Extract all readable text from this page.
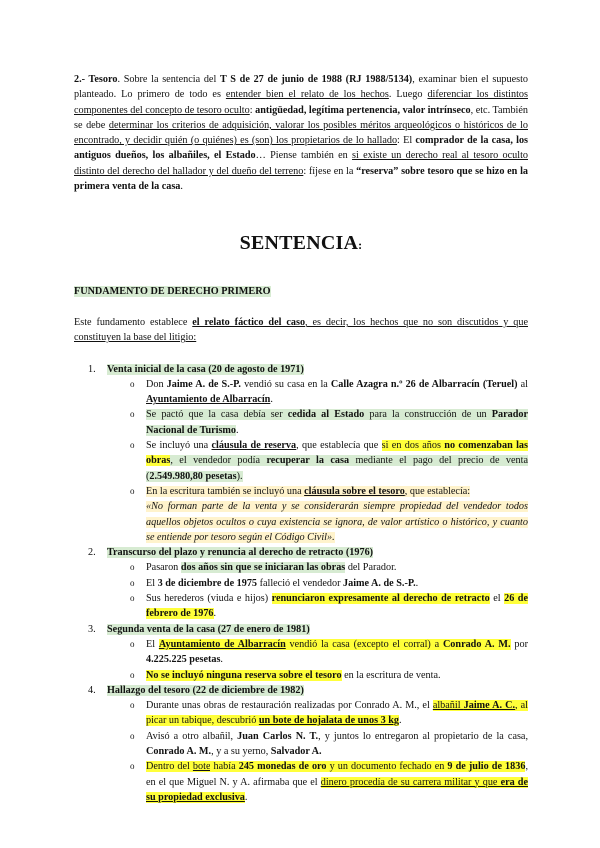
2.- Tesoro. Sobre la sentencia del T S de 27 de junio de 1988 (RJ 1988/5134), examinar bien el supuesto planteado. Lo primero de todo es entender bien el relato de los hechos. Luego diferenciar los distintos componentes del concepto de tesoro oculto: antigüedad, legítima pertenencia, valor intrínseco, etc. También se debe determinar los criterios de adquisición, valorar los posibles méritos arqueológicos o históricos de lo encontrado, y decidir quién (o quiénes) es (son) los propietarios de lo hallado: El comprador de la casa, los antiguos dueños, los albañiles, el Estado… Piense también en si existe un derecho real al tesoro oculto distinto del derecho del hallador y del dueño del terreno: fíjese en la “reserva” sobre tesoro que se hizo en la primera venta de la casa.

SENTENCIA:
FUNDAMENTO DE DERECHO PRIMERO

Este fundamento establece el relato fáctico del caso, es decir, los hechos que no son discutidos y que constituyen la base del litigio:

1. Venta inicial de la casa (20 de agosto de 1971)
o Don Jaime A. de S.-P. vendió su casa en la Calle Azagra n.º 26 de Albarracín (Teruel) al Ayuntamiento de Albarracín.
o Se pactó que la casa debía ser cedida al Estado para la construcción de un Parador Nacional de Turismo.
o Se incluyó una cláusula de reserva, que establecía que si en dos años no comenzaban las obras, el vendedor podía recuperar la casa mediante el pago del precio de venta (2.549.980,80 pesetas).
o En la escritura también se incluyó una cláusula sobre el tesoro, que establecía:
«No forman parte de la venta y se considerarán siempre propiedad del vendedor todos aquellos objetos ocultos o cuya existencia se ignora, de valor artístico o histórico, y cuanto se entiende por tesoro según el Código Civil».
2. Transcurso del plazo y renuncia al derecho de retracto (1976)
o Pasaron dos años sin que se iniciaran las obras del Parador.
o El 3 de diciembre de 1975 falleció el vendedor Jaime A. de S.-P..
o Sus herederos (viuda e hijos) renunciaron expresamente al derecho de retracto el 26 de febrero de 1976.
3. Segunda venta de la casa (27 de enero de 1981)
o El Ayuntamiento de Albarracín vendió la casa (excepto el corral) a Conrado A. M. por 4.225.225 pesetas.
o No se incluyó ninguna reserva sobre el tesoro en la escritura de venta.
4. Hallazgo del tesoro (22 de diciembre de 1982)
o Durante unas obras de restauración realizadas por Conrado A. M., el albañil Jaime A. C., al picar un tabique, descubrió un bote de hojalata de unos 3 kg.
o Avisó a otro albañil, Juan Carlos N. T., y juntos lo entregaron al propietario de la casa, Conrado A. M., y a su yerno, Salvador A.
o Dentro del bote había 245 monedas de oro y un documento fechado en 9 de julio de 1836, en el que Miguel N. y A. afirmaba que el dinero procedía de su carrera militar y que era de su propiedad exclusiva.
